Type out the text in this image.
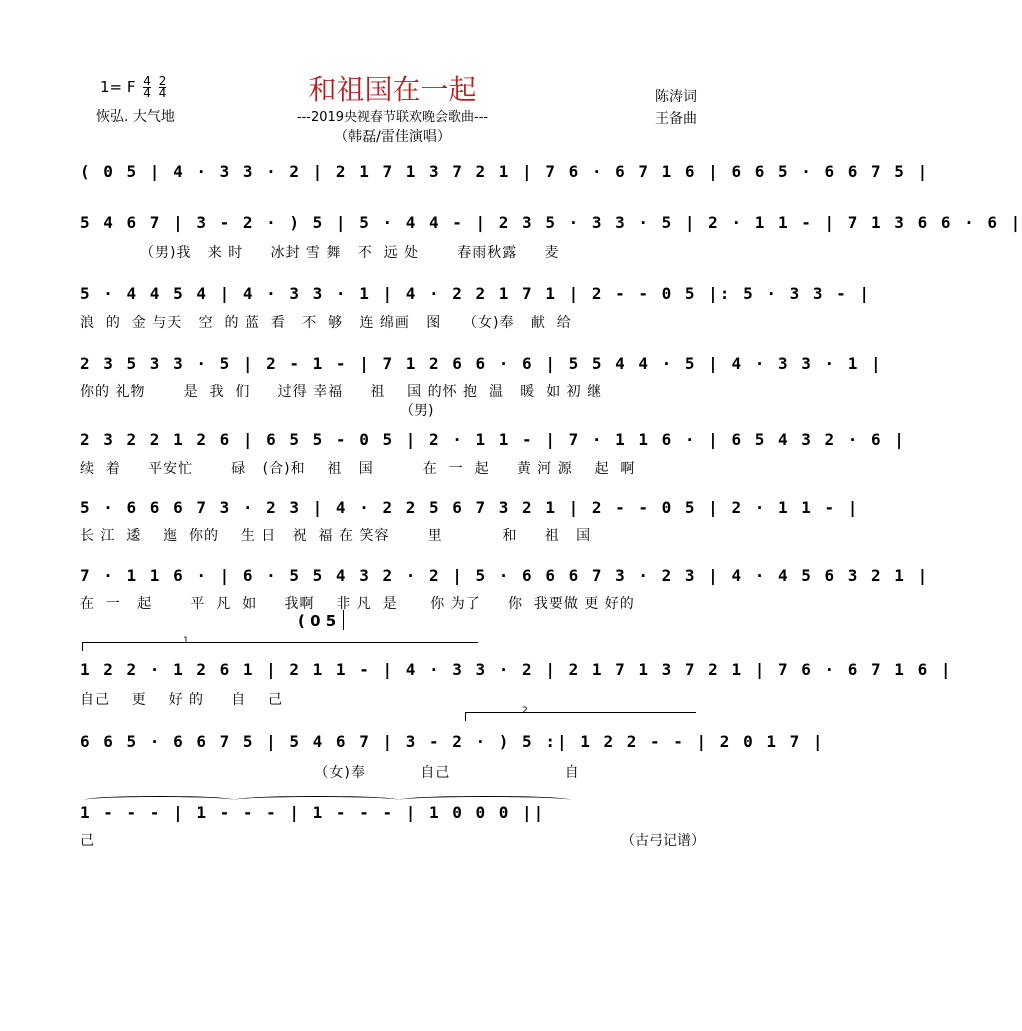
1= F $\frac{4}{4}$
$\frac{2}{4}$
恢弘. 大气地
和祖国在一起
---2019央视春节联欢晚会歌曲---
（韩磊/雷佳演唱）
陈涛词
王备曲
( 0 5 | 4 · 3 3 · 2 | 2 1 7 1 3 7 2 1 | 7 6 · 6 7 1 6 | 6 6 5 · 6 6 7 5 |
5 4 6 7 | 3 - 2 · ) 5 | 5 · 4 4 - | 2 3 5 · 3 3 · 5 | 2 · 1 1 - | 7 1 3 6 6 · 6 |
（男)我   来 时     冰封 雪 舞   不  远 处       春雨秋露     麦
5 · 4 4 5 4 | 4 · 3 3 · 1 | 4 · 2 2 1 7 1 | 2 - - 0 5 |: 5 · 3 3 - |
浪  的  金 与天   空  的 蓝  看   不  够   连 绵画   图    （女)奉   献  给
2 3 5 3 3 · 5 | 2 - 1 - | 7 1 2 6 6 · 6 | 5 5 4 4 · 5 | 4 · 3 3 · 1 |
你的 礼物       是  我  们     过得 幸福     祖    国 的怀 抱  温   暖  如 初 继
（男)
2 3 2 2 1 2 6 | 6 5 5 - 0 5 | 2 · 1 1 - | 7 · 1 1 6 · | 6 5 4 3 2 · 6 |
续  着     平安忙       碌   (合)和    祖   国         在  一  起     黄 河 源    起  啊
5 · 6 6 6 7 3 · 2 3 | 4 · 2 2 5 6 7 3 2 1 | 2 - - 0 5 | 2 · 1 1 - |
长 江  逶    迤  你的    生 日   祝  福 在 笑容       里           和     祖   国
7 · 1 1 6 · | 6 · 5 5 4 3 2 · 2 | 5 · 6 6 6 7 3 · 2 3 | 4 · 4 5 6 3 2 1 |
在  一   起       平  凡  如     我啊    非 凡  是      你 为了     你  我要做 更 好的
( 0 5
1
1 2 2 · 1 2 6 1 | 2 1 1 - | 4 · 3 3 · 2 | 2 1 7 1 3 7 2 1 | 7 6 · 6 7 1 6 |
自己    更    好 的     自    己
2
6 6 5 · 6 6 7 5 | 5 4 6 7 | 3 - 2 · ) 5 :| 1 2 2 - - | 2 0 1 7 |
（女)奉          自己                     自
1 - - - | 1 - - - | 1 - - - | 1 0 0 0 ||
己	（古弓记谱）
